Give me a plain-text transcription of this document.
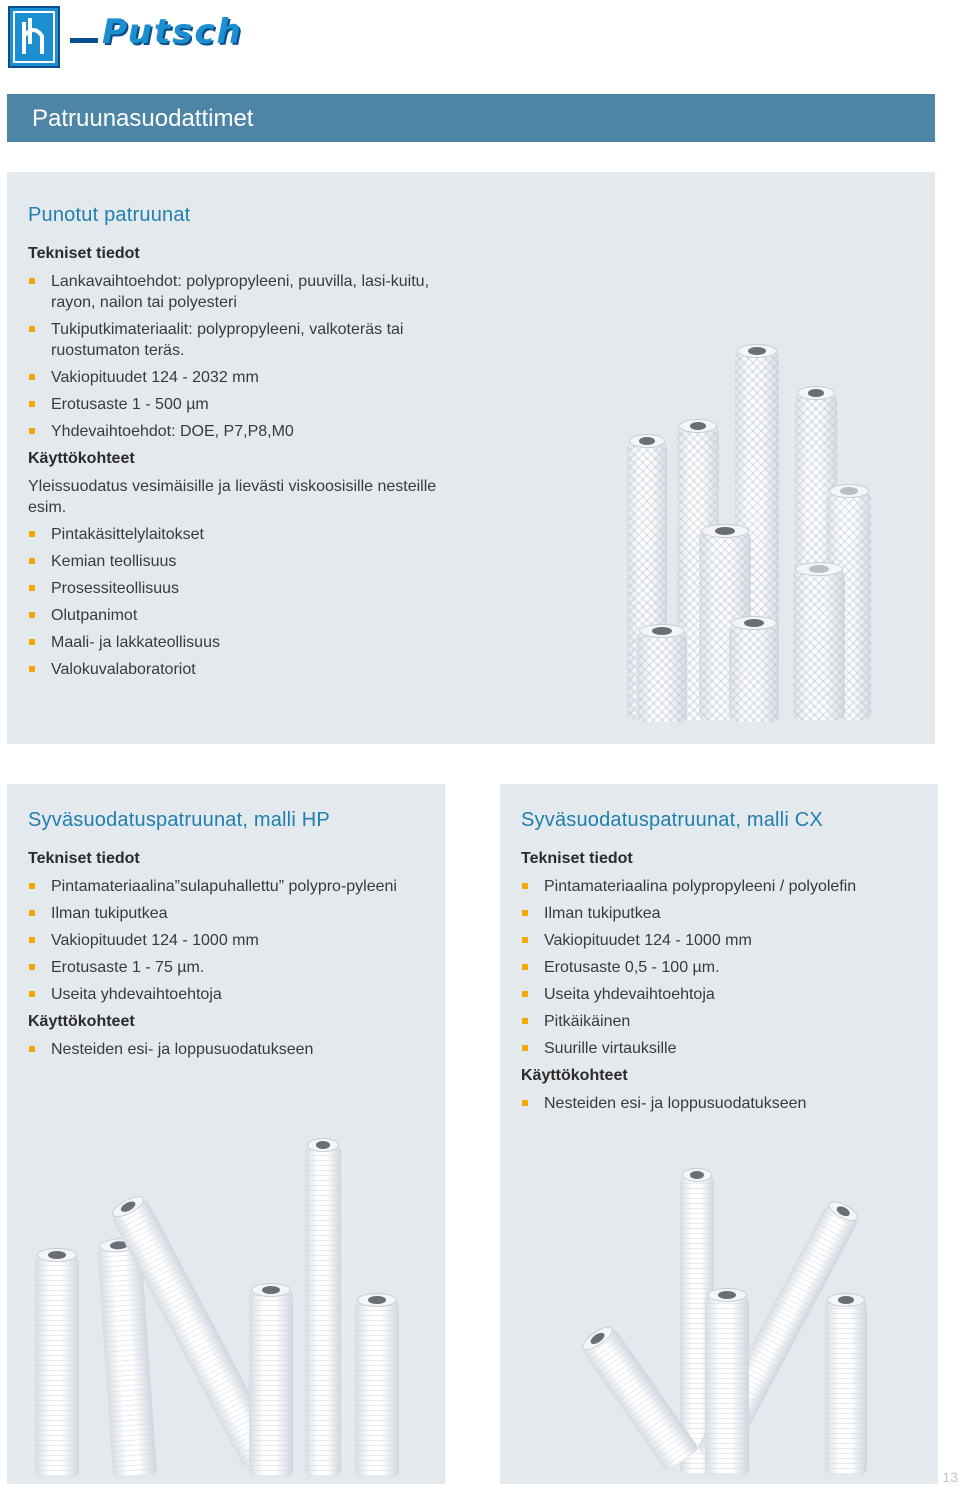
Putsch
Patruunasuodattimet
Punotut patruunat
Tekniset tiedot
Lankavaihtoehdot: polypropyleeni, puuvilla, lasi-kuitu, rayon, nailon tai polyesteri
Tukiputkimateriaalit: polypropyleeni, valkoteräs tai ruostumaton teräs.
Vakiopituudet 124 - 2032 mm
Erotusaste 1 - 500 µm
Yhdevaihtoehdot: DOE, P7,P8,M0
Käyttökohteet

Yleissuodatus vesimäisille ja lievästi viskoosisille nesteille esim.

Pintakäsittelylaitokset
Kemian teollisuus
Prosessiteollisuus
Olutpanimot
Maali- ja lakkateollisuus
Valokuvalaboratoriot
Syväsuodatuspatruunat, malli HP
Tekniset tiedot
Pintamateriaalina”sulapuhallettu” polypro-pyleeni
Ilman tukiputkea
Vakiopituudet 124 - 1000 mm
Erotusaste 1 - 75 µm.
Useita yhdevaihtoehtoja
Käyttökohteet
Nesteiden esi- ja loppusuodatukseen
Syväsuodatuspatruunat, malli CX
Tekniset tiedot
Pintamateriaalina polypropyleeni / polyolefin
Ilman tukiputkea
Vakiopituudet 124 - 1000 mm
Erotusaste 0,5 - 100 µm.
Useita yhdevaihtoehtoja
Pitkäikäinen
Suurille virtauksille
Käyttökohteet
Nesteiden esi- ja loppusuodatukseen
13
